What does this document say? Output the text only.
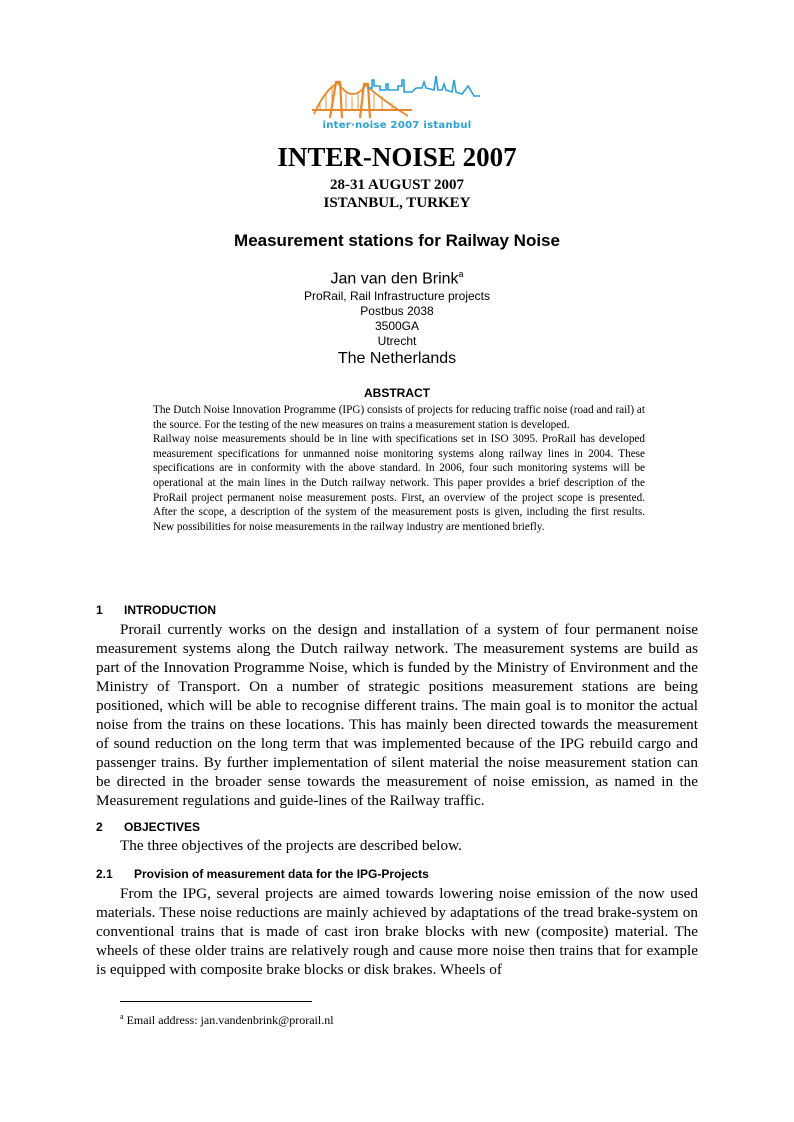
inter·noise 2007 istanbul
INTER-NOISE 2007
28-31 AUGUST 2007
ISTANBUL, TURKEY
Measurement stations for Railway Noise
Jan van den Brink$^a$
ProRail, Rail Infrastructure projects
Postbus 2038
3500GA
Utrecht
The Netherlands
ABSTRACT

The Dutch Noise Innovation Programme (IPG) consists of projects for reducing traffic noise (road and rail) at the source. For the testing of the new measures on trains a measurement station is developed.

Railway noise measurements should be in line with specifications set in ISO 3095. ProRail has developed measurement specifications for unmanned noise monitoring systems along railway lines in 2004. These specifications are in conformity with the above standard. In 2006, four such monitoring systems will be operational at the main lines in the Dutch railway network. This paper provides a brief description of the ProRail project permanent noise measurement posts. First, an overview of the project scope is presented. After the scope, a description of the system of the measurement posts is given, including the first results. New possibilities for noise measurements in the railway industry are mentioned briefly.

1 INTRODUCTION

Prorail currently works on the design and installation of a system of four permanent noise measurement systems along the Dutch railway network. The measurement systems are build as part of the Innovation Programme Noise, which is funded by the Ministry of Environment and the Ministry of Transport. On a number of strategic positions measurement stations are being positioned, which will be able to recognise different trains. The main goal is to monitor the actual noise from the trains on these locations. This has mainly been directed towards the measurement of sound reduction on the long term that was implemented because of the IPG rebuild cargo and passenger trains. By further implementation of silent material the noise measurement station can be directed in the broader sense towards the measurement of noise emission, as named in the Measurement regulations and guide-lines of the Railway traffic.

2 OBJECTIVES

The three objectives of the projects are described below.

2.1 Provision of measurement data for the IPG-Projects

From the IPG, several projects are aimed towards lowering noise emission of the now used materials. These noise reductions are mainly achieved by adaptations of the tread brake-system on conventional trains that is made of cast iron brake blocks with new (composite) material. The wheels of these older trains are relatively rough and cause more noise then trains that for example is equipped with composite brake blocks or disk brakes. Wheels of

$^a$ Email address: jan.vandenbrink@prorail.nl
